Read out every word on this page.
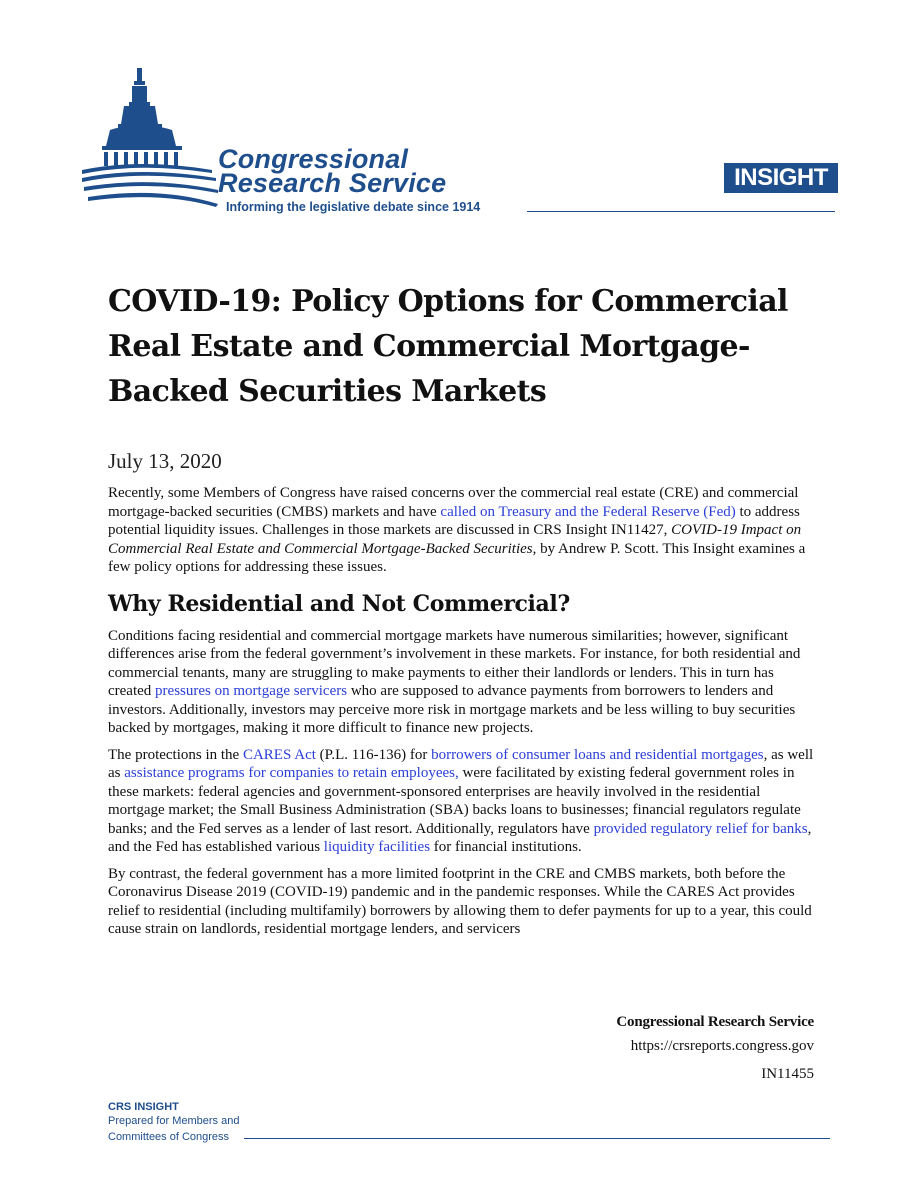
Congressional
Research Service
Informing the legislative debate since 1914
INSIGHT
COVID-19: Policy Options for Commercial Real Estate and Commercial Mortgage-Backed Securities Markets
July 13, 2020

Recently, some Members of Congress have raised concerns over the commercial real estate (CRE) and commercial mortgage-backed securities (CMBS) markets and have called on Treasury and the Federal Reserve (Fed) to address potential liquidity issues. Challenges in those markets are discussed in CRS Insight IN11427, COVID-19 Impact on Commercial Real Estate and Commercial Mortgage-Backed Securities, by Andrew P. Scott. This Insight examines a few policy options for addressing these issues.

Why Residential and Not Commercial?

Conditions facing residential and commercial mortgage markets have numerous similarities; however, significant differences arise from the federal government’s involvement in these markets. For instance, for both residential and commercial tenants, many are struggling to make payments to either their landlords or lenders. This in turn has created pressures on mortgage servicers who are supposed to advance payments from borrowers to lenders and investors. Additionally, investors may perceive more risk in mortgage markets and be less willing to buy securities backed by mortgages, making it more difficult to finance new projects.

The protections in the CARES Act (P.L. 116-136) for borrowers of consumer loans and residential mortgages, as well as assistance programs for companies to retain employees, were facilitated by existing federal government roles in these markets: federal agencies and government-sponsored enterprises are heavily involved in the residential mortgage market; the Small Business Administration (SBA) backs loans to businesses; financial regulators regulate banks; and the Fed serves as a lender of last resort. Additionally, regulators have provided regulatory relief for banks, and the Fed has established various liquidity facilities for financial institutions.

By contrast, the federal government has a more limited footprint in the CRE and CMBS markets, both before the Coronavirus Disease 2019 (COVID-19) pandemic and in the pandemic responses. While the CARES Act provides relief to residential (including multifamily) borrowers by allowing them to defer payments for up to a year, this could cause strain on landlords, residential mortgage lenders, and servicers

Congressional Research Service
https://crsreports.congress.gov
IN11455
CRS INSIGHT
Prepared for Members and
Committees of Congress
